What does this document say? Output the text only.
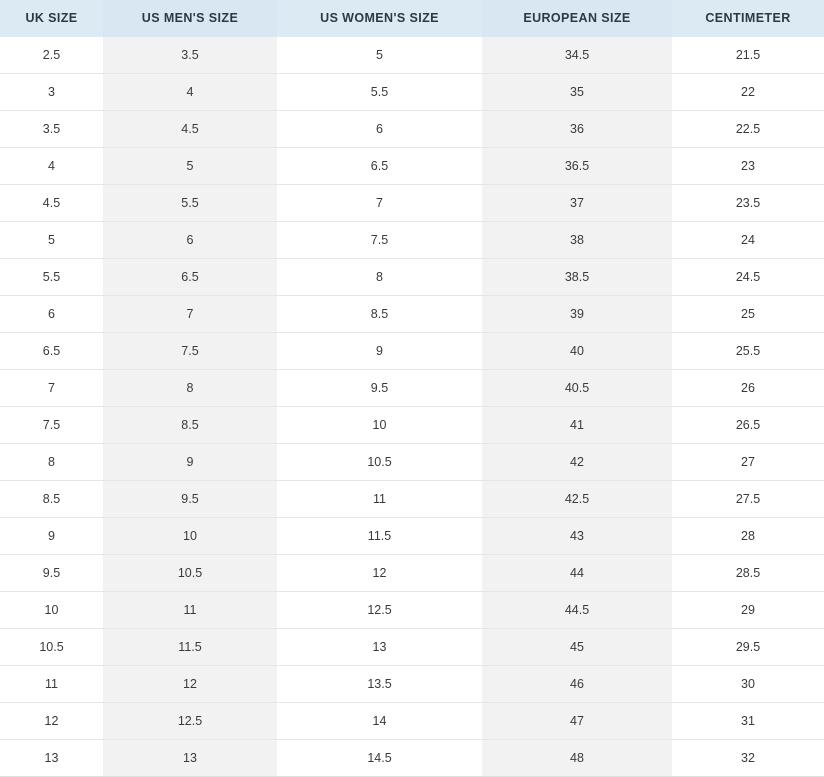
UK SIZE	US MEN'S SIZE	US WOMEN'S SIZE	EUROPEAN SIZE	CENTIMETER
2.5	3.5	5	34.5	21.5
3	4	5.5	35	22
3.5	4.5	6	36	22.5
4	5	6.5	36.5	23
4.5	5.5	7	37	23.5
5	6	7.5	38	24
5.5	6.5	8	38.5	24.5
6	7	8.5	39	25
6.5	7.5	9	40	25.5
7	8	9.5	40.5	26
7.5	8.5	10	41	26.5
8	9	10.5	42	27
8.5	9.5	11	42.5	27.5
9	10	11.5	43	28
9.5	10.5	12	44	28.5
10	11	12.5	44.5	29
10.5	11.5	13	45	29.5
11	12	13.5	46	30
12	12.5	14	47	31
13	13	14.5	48	32
